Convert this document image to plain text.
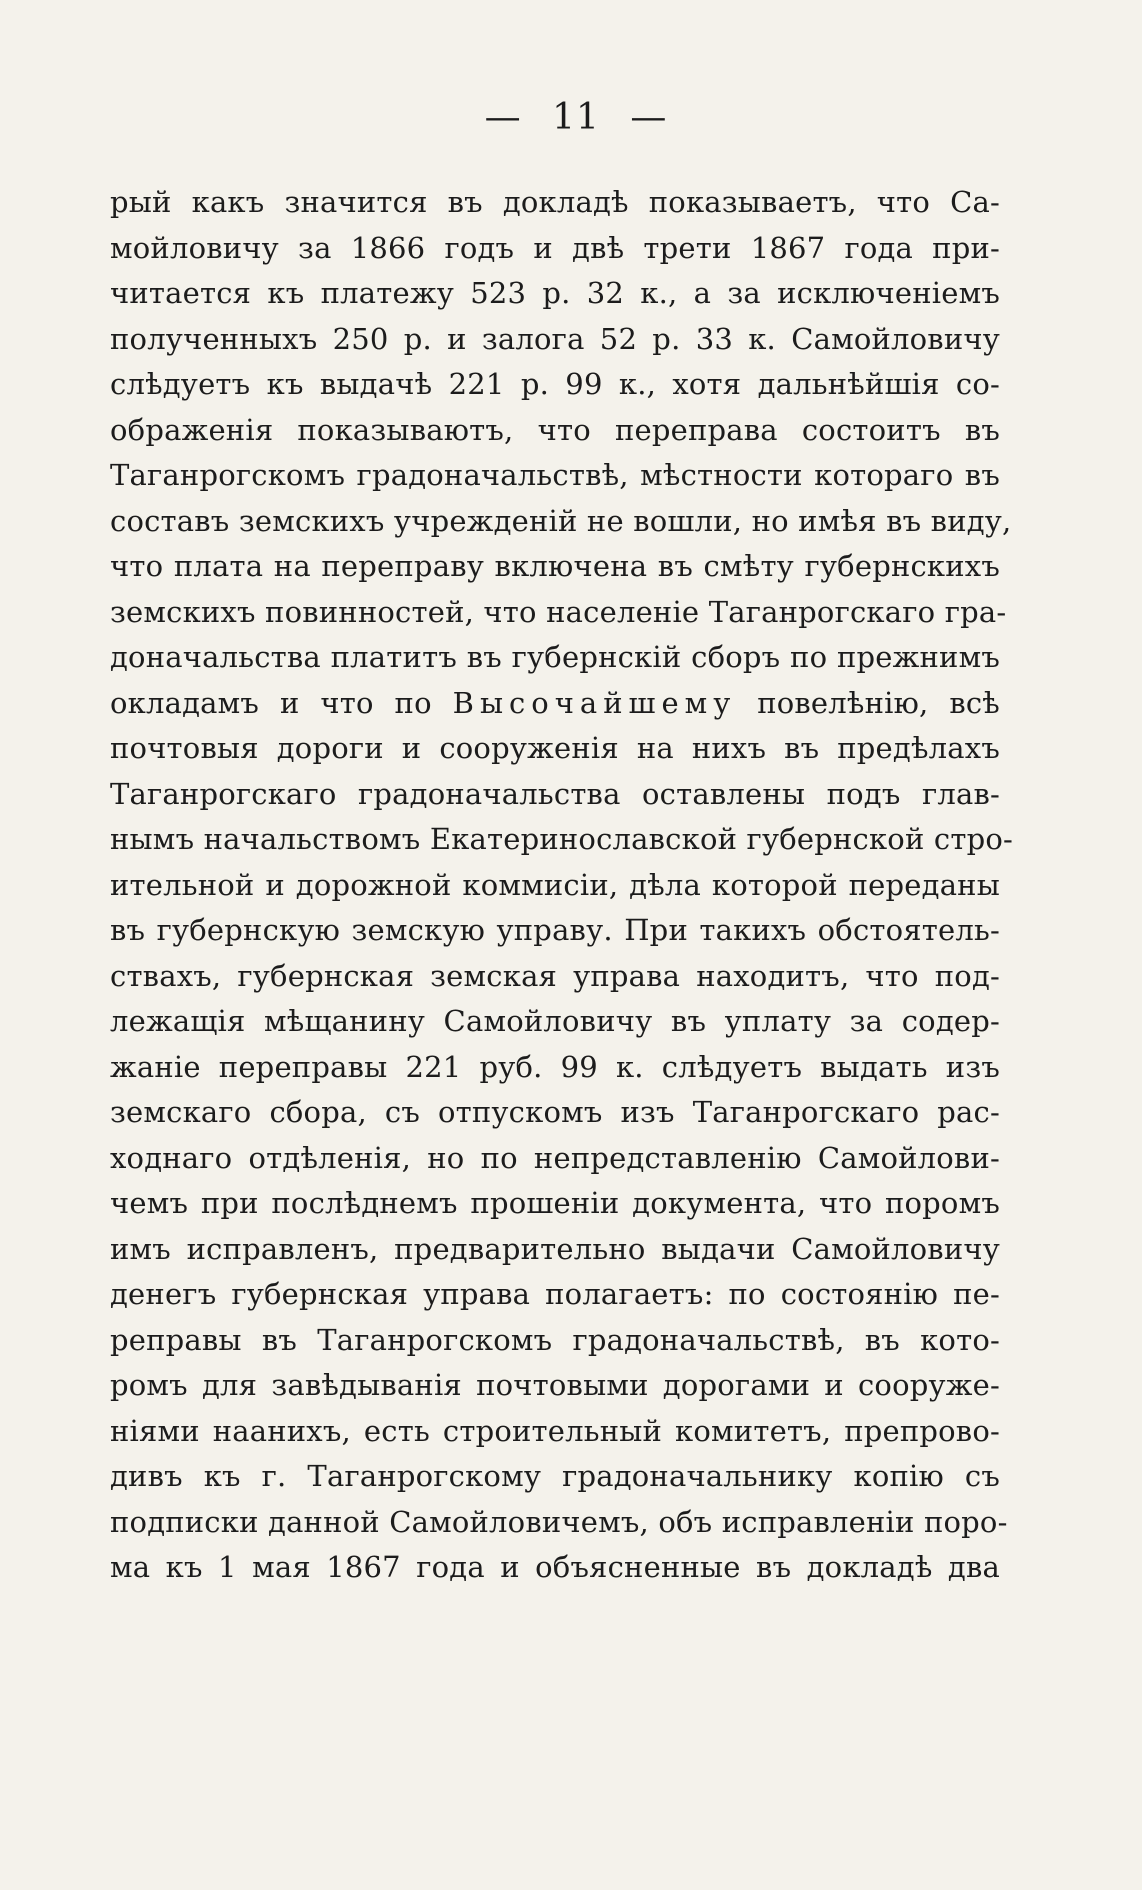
— 11 —
рый какъ значится въ докладѣ показываетъ, что Са-
мойловичу за 1866 годъ и двѣ трети 1867 года при-
читается къ платежу 523 р. 32 к., а за исключеніемъ
полученныхъ 250 р. и залога 52 р. 33 к. Самойловичу
слѣдуетъ къ выдачѣ 221 р. 99 к., хотя дальнѣйшія со-
ображенія показываютъ, что переправа состоитъ въ
Таганрогскомъ градоначальствѣ, мѣстности котораго въ
составъ земскихъ учрежденій не вошли, но имѣя въ виду,
что плата на переправу включена въ смѣту губернскихъ
земскихъ повинностей, что населеніе Таганрогскаго гра-
доначальства платитъ въ губернскій сборъ по прежнимъ
окладамъ и что по Высочайшему повелѣнію, всѣ
почтовыя дороги и сооруженія на нихъ въ предѣлахъ
Таганрогскаго градоначальства оставлены подъ глав-
нымъ начальствомъ Екатеринославской губернской стро-
ительной и дорожной коммисіи, дѣла которой переданы
въ губернскую земскую управу. При такихъ обстоятель-
ствахъ, губернская земская управа находитъ, что под-
лежащія мѣщанину Самойловичу въ уплату за содер-
жаніе переправы 221 руб. 99 к. слѣдуетъ выдать изъ
земскаго сбора, съ отпускомъ изъ Таганрогскаго рас-
ходнаго отдѣленія, но по непредставленію Самойлови-
чемъ при послѣднемъ прошеніи документа, что поромъ
имъ исправленъ, предварительно выдачи Самойловичу
денегъ губернская управа полагаетъ: по состоянію пе-
реправы въ Таганрогскомъ градоначальствѣ, въ кото-
ромъ для завѣдыванія почтовыми дорогами и сооруже-
ніями наанихъ, есть строительный комитетъ, препрово-
дивъ къ г. Таганрогскому градоначальнику копію съ
подписки данной Самойловичемъ, объ исправленіи поро-
ма къ 1 мая 1867 года и объясненные въ докладѣ два
